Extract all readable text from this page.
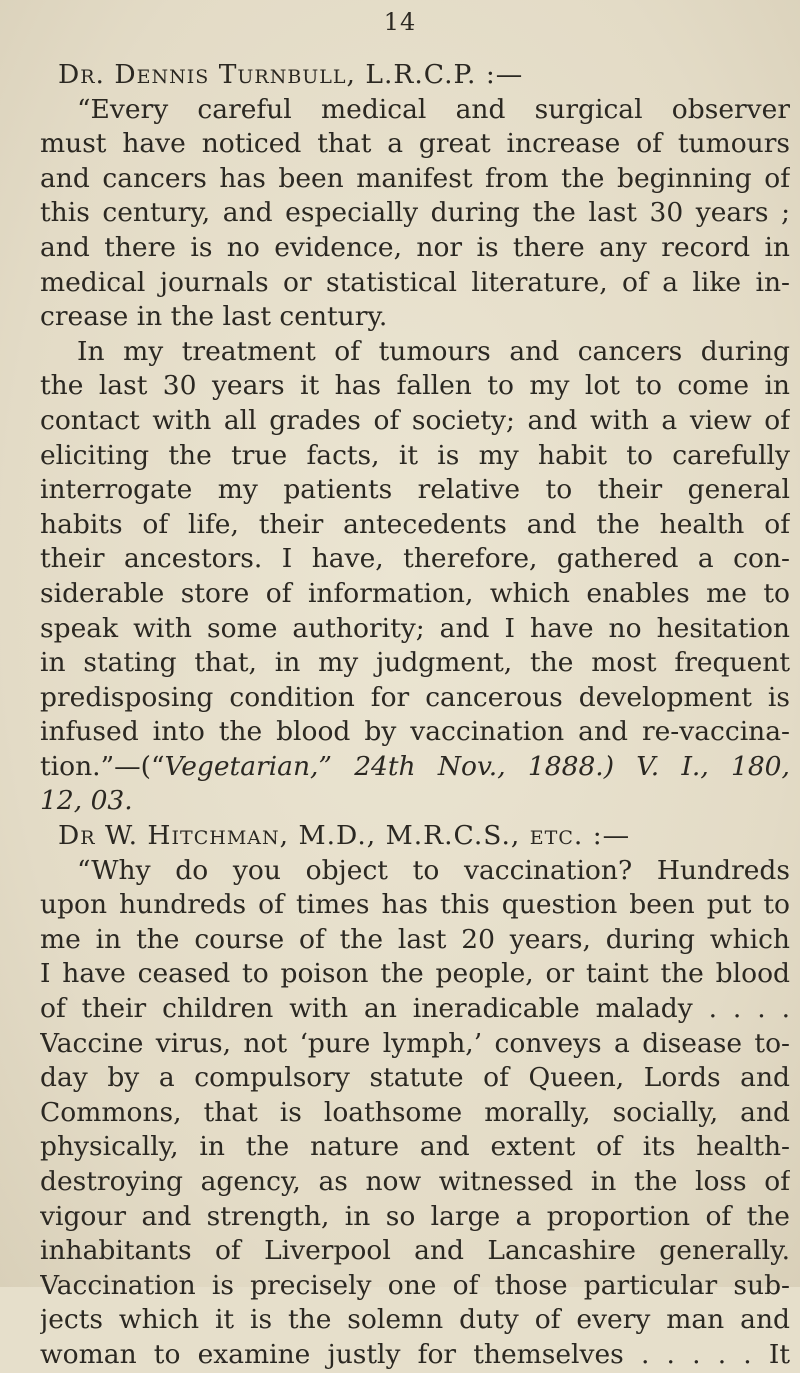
14
Dr. Dennis Turnbull, L.R.C.P. :—
“Every careful medical and surgical observer
must have noticed that a great increase of tumours
and cancers has been manifest from the beginning of
this century, and especially during the last 30 years ;
and there is no evidence, nor is there any record in
medical journals or statistical literature, of a like in-
crease in the last century.
In my treatment of tumours and cancers during
the last 30 years it has fallen to my lot to come in
contact with all grades of society; and with a view of
eliciting the true facts, it is my habit to carefully
interrogate my patients relative to their general
habits of life, their antecedents and the health of
their ancestors. I have, therefore, gathered a con-
siderable store of information, which enables me to
speak with some authority; and I have no hesitation
in stating that, in my judgment, the most frequent
predisposing condition for cancerous development is
infused into the blood by vaccination and re-vaccina-
tion.”—(“Vegetarian,” 24th Nov., 1888.) V. I., 180,
12, 03.
Dr W. Hitchman, M.D., M.R.C.S., etc. :—
“Why do you object to vaccination? Hundreds
upon hundreds of times has this question been put to
me in the course of the last 20 years, during which
I have ceased to poison the people, or taint the blood
of their children with an ineradicable malady . . . .
Vaccine virus, not ‘pure lymph,’ conveys a disease to-
day by a compulsory statute of Queen, Lords and
Commons, that is loathsome morally, socially, and
physically, in the nature and extent of its health-
destroying agency, as now witnessed in the loss of
vigour and strength, in so large a proportion of the
inhabitants of Liverpool and Lancashire generally.
Vaccination is precisely one of those particular sub-
jects which it is the solemn duty of every man and
woman to examine justly for themselves . . . . . It
